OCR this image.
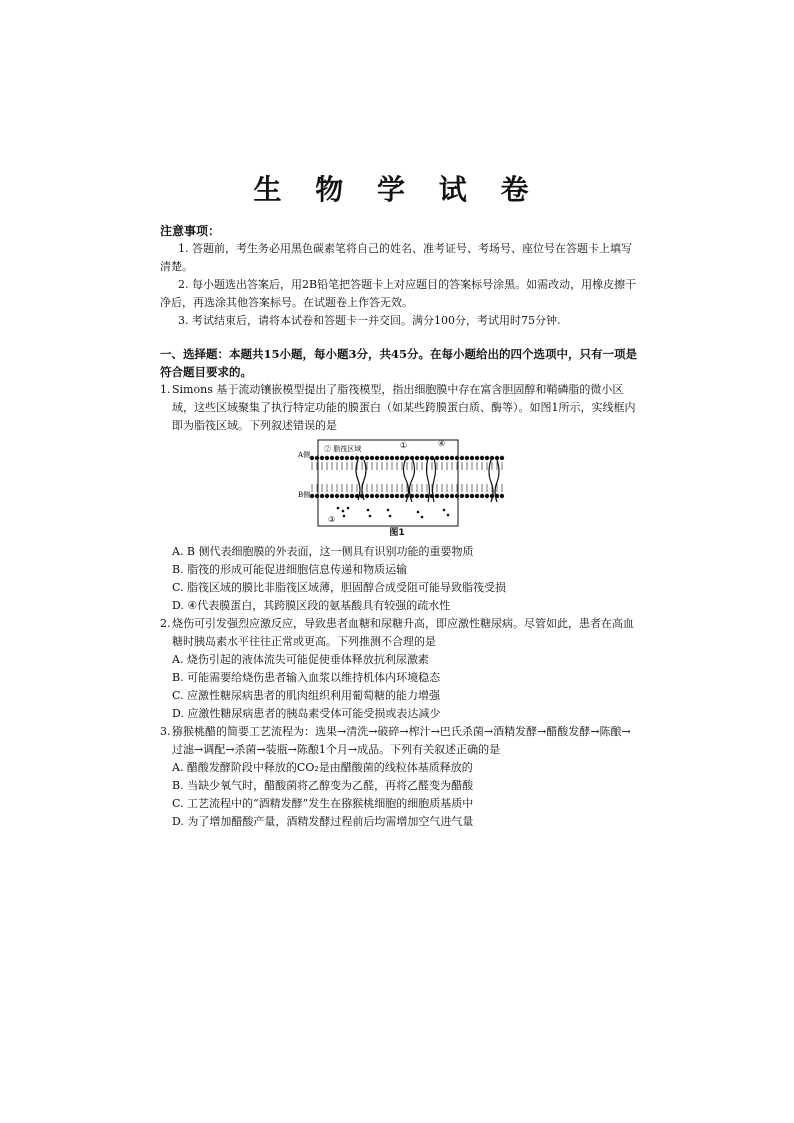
生 物 学 试 卷
注意事项：
1. 答题前，考生务必用黑色碳素笔将自己的姓名、准考证号、考场号、座位号在答题卡上填写清楚。
2. 每小题选出答案后，用2B铅笔把答题卡上对应题目的答案标号涂黑。如需改动，用橡皮擦干净后，再选涂其他答案标号。在试题卷上作答无效。
3. 考试结束后，请将本试卷和答题卡一并交回。满分100分，考试用时75分钟.
一、选择题：本题共15小题，每小题3分，共45分。在每小题给出的四个选项中，只有一项是符合题目要求的。
1. Simons 基于流动镶嵌模型提出了脂筏模型，指出细胞膜中存在富含胆固醇和鞘磷脂的微小区域，这些区域聚集了执行特定功能的膜蛋白（如某些跨膜蛋白质、酶等）。如图1所示，实线框内即为脂筏区域。下列叙述错误的是
A侧
B侧
② 脂筏区域	①
③
④
图1
A. B 侧代表细胞膜的外表面，这一侧具有识别功能的重要物质
B. 脂筏的形成可能促进细胞信息传递和物质运输
C. 脂筏区域的膜比非脂筏区域薄，胆固醇合成受阻可能导致脂筏受损
D. ④代表膜蛋白，其跨膜区段的氨基酸具有较强的疏水性
2. 烧伤可引发强烈应激反应，导致患者血糖和尿糖升高，即应激性糖尿病。尽管如此，患者在高血糖时胰岛素水平往往正常或更高。下列推测不合理的是
A. 烧伤引起的液体流失可能促使垂体释放抗利尿激素
B. 可能需要给烧伤患者输入血浆以维持机体内环境稳态
C. 应激性糖尿病患者的肌肉组织利用葡萄糖的能力增强
D. 应激性糖尿病患者的胰岛素受体可能受损或表达减少
3. 猕猴桃醋的简要工艺流程为：选果→清洗→破碎→榨汁→巴氏杀菌→酒精发酵→醋酸发酵→陈酿→过滤→调配→杀菌→装瓶→陈酿1个月→成品。下列有关叙述正确的是
A. 醋酸发酵阶段中释放的CO₂是由醋酸菌的线粒体基质释放的
B. 当缺少氧气时，醋酸菌将乙醇变为乙醛，再将乙醛变为醋酸
C. 工艺流程中的“酒精发酵”发生在猕猴桃细胞的细胞质基质中
D. 为了增加醋酸产量，酒精发酵过程前后均需增加空气进气量
